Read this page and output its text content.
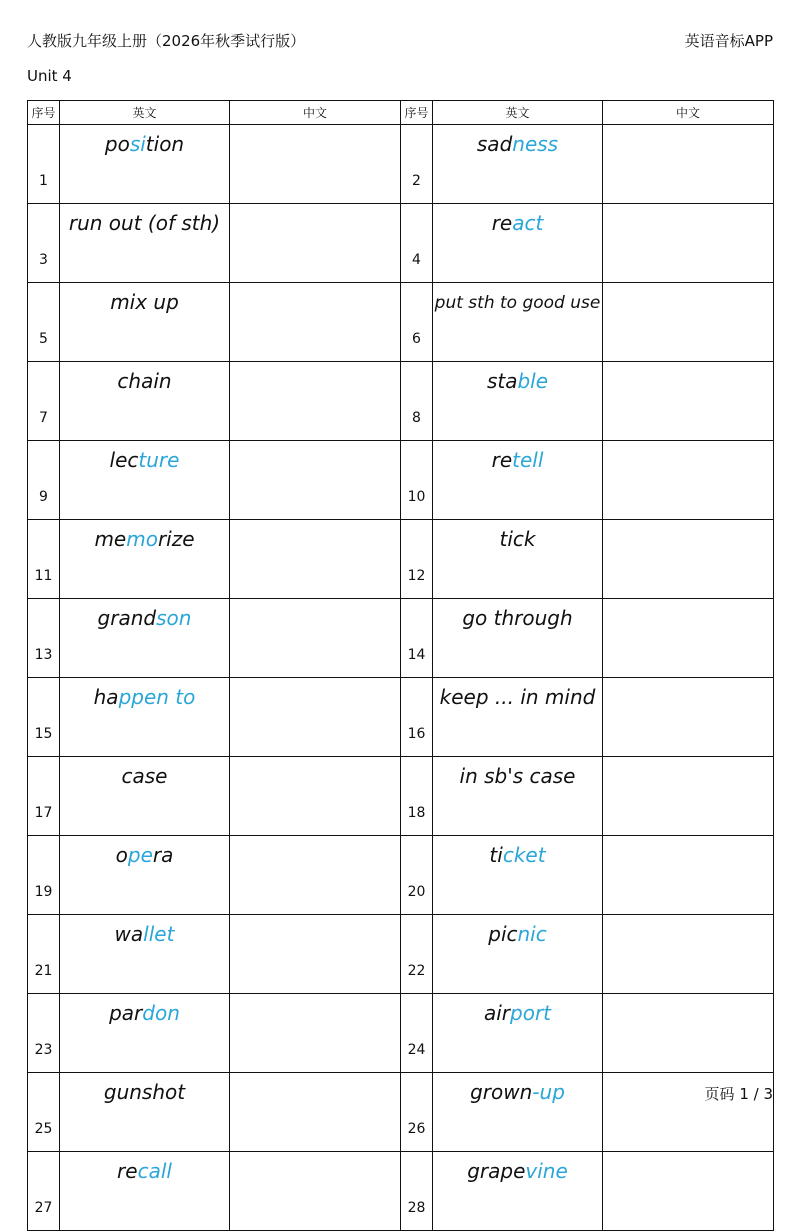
人教版九年级上册（2026年秋季试行版）	英语音标APP
Unit 4
序号	英文	中文	序号	英文	中文
1	position		2	sadness	
3	run out (of sth)		4	react	
5	mix up		6	put sth to good use	
7	chain		8	stable	
9	lecture		10	retell	
11	memorize		12	tick	
13	grandson		14	go through	
15	happen to		16	keep ... in mind	
17	case		18	in sb's case	
19	opera		20	ticket	
21	wallet		22	picnic	
23	pardon		24	airport	
25	gunshot		26	grown-up	
27	recall		28	grapevine	
页码 1 / 3
